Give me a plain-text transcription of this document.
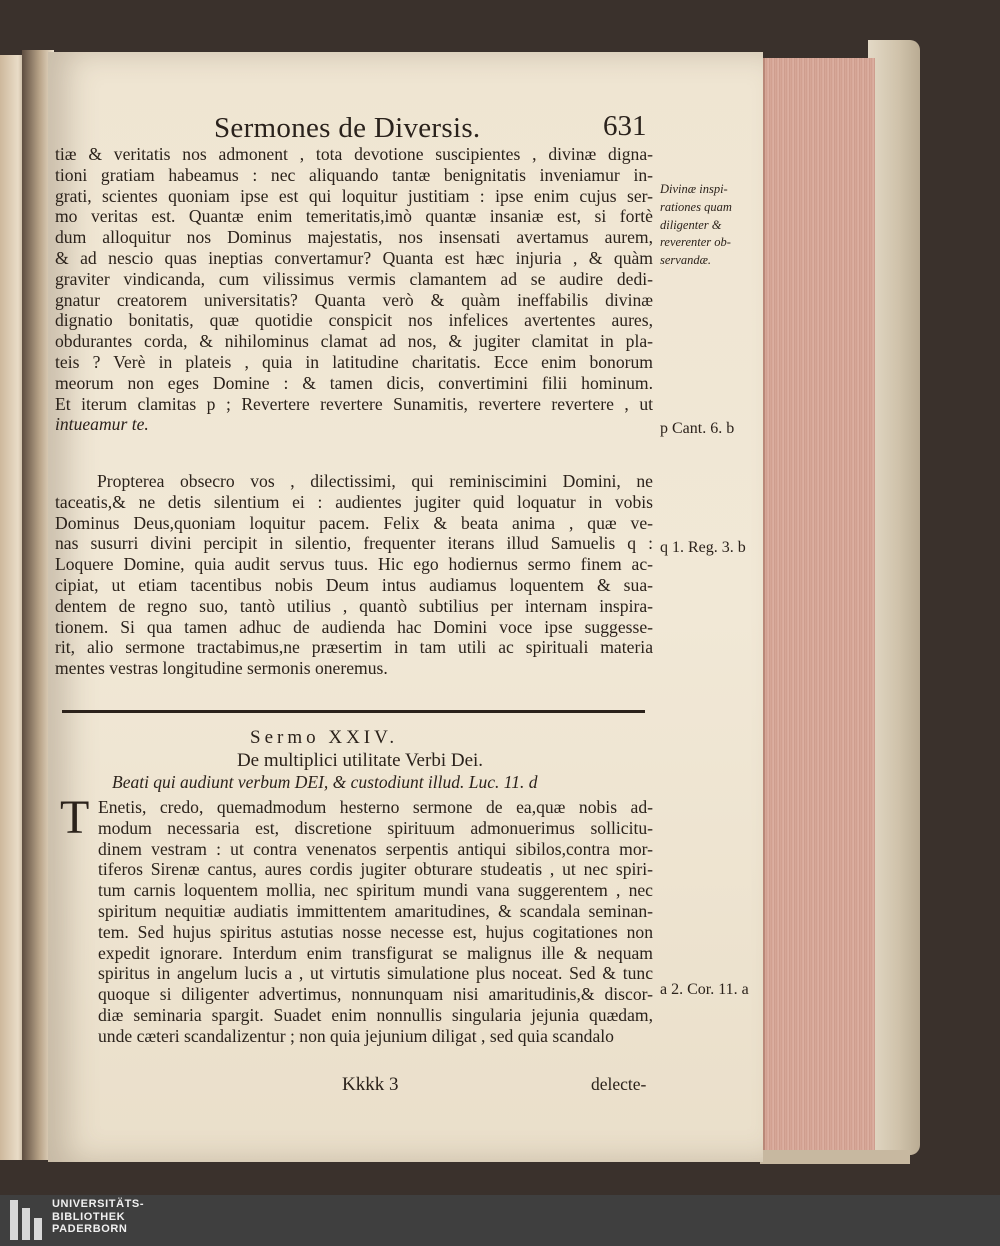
Sermones de Diversis.	631
tiæ & veritatis nos admonent , tota devotione suscipientes , divinæ digna-
tioni gratiam habeamus : nec aliquando tantæ benignitatis inveniamur in-
grati, scientes quoniam ipse est qui loquitur justitiam : ipse enim cujus ser-
mo veritas est. Quantæ enim temeritatis,imò quantæ insaniæ est, si fortè
dum alloquitur nos Dominus majestatis, nos insensati avertamus aurem,
& ad nescio quas ineptias convertamur? Quanta est hæc injuria , & quàm
graviter vindicanda, cum vilissimus vermis clamantem ad se audire dedi-
gnatur creatorem universitatis? Quanta verò & quàm ineffabilis divinæ
dignatio bonitatis, quæ quotidie conspicit nos infelices avertentes aures,
obdurantes corda, & nihilominus clamat ad nos, & jugiter clamitat in pla-
teis ? Verè in plateis , quia in latitudine charitatis. Ecce enim bonorum
meorum non eges Domine : & tamen dicis, convertimini filii hominum.
Et iterum clamitas p ; Revertere revertere Sunamitis, revertere revertere , ut
intueamur te.
Propterea obsecro vos , dilectissimi, qui reminiscimini Domini, ne
taceatis,& ne detis silentium ei : audientes jugiter quid loquatur in vobis
Dominus Deus,quoniam loquitur pacem. Felix & beata anima , quæ ve-
nas susurri divini percipit in silentio, frequenter iterans illud Samuelis q :
Loquere Domine, quia audit servus tuus. Hic ego hodiernus sermo finem ac-
cipiat, ut etiam tacentibus nobis Deum intus audiamus loquentem & sua-
dentem de regno suo, tantò utilius , quantò subtilius per internam inspira-
tionem. Si qua tamen adhuc de audienda hac Domini voce ipse suggesse-
rit, alio sermone tractabimus,ne præsertim in tam utili ac spirituali materia
mentes vestras longitudine sermonis oneremus.
Sermo XXIV.
De multiplici utilitate Verbi Dei.
Beati qui audiunt verbum DEI, & custodiunt illud. Luc. 11. d
T Enetis, credo, quemadmodum hesterno sermone de ea,quæ nobis ad-
modum necessaria est, discretione spirituum admonuerimus sollicitu-
dinem vestram : ut contra venenatos serpentis antiqui sibilos,contra mor-
tiferos Sirenæ cantus, aures cordis jugiter obturare studeatis , ut nec spiri-
tum carnis loquentem mollia, nec spiritum mundi vana suggerentem , nec
spiritum nequitiæ audiatis immittentem amaritudines, & scandala seminan-
tem. Sed hujus spiritus astutias nosse necesse est, hujus cogitationes non
expedit ignorare. Interdum enim transfigurat se malignus ille & nequam
spiritus in angelum lucis a , ut virtutis simulatione plus noceat. Sed & tunc
quoque si diligenter advertimus, nonnunquam nisi amaritudinis,& discor-
diæ seminaria spargit. Suadet enim nonnullis singularia jejunia quædam,
unde cæteri scandalizentur ; non quia jejunium diligat , sed quia scandalo
Divinæ inspi-
rationes quam
diligenter &
reverenter ob-
servandæ.
p Cant. 6. b
q 1. Reg. 3. b
a 2. Cor. 11. a
Kkkk 3	delecte-
UNIVERSITÄTS-
BIBLIOTHEK
PADERBORN
